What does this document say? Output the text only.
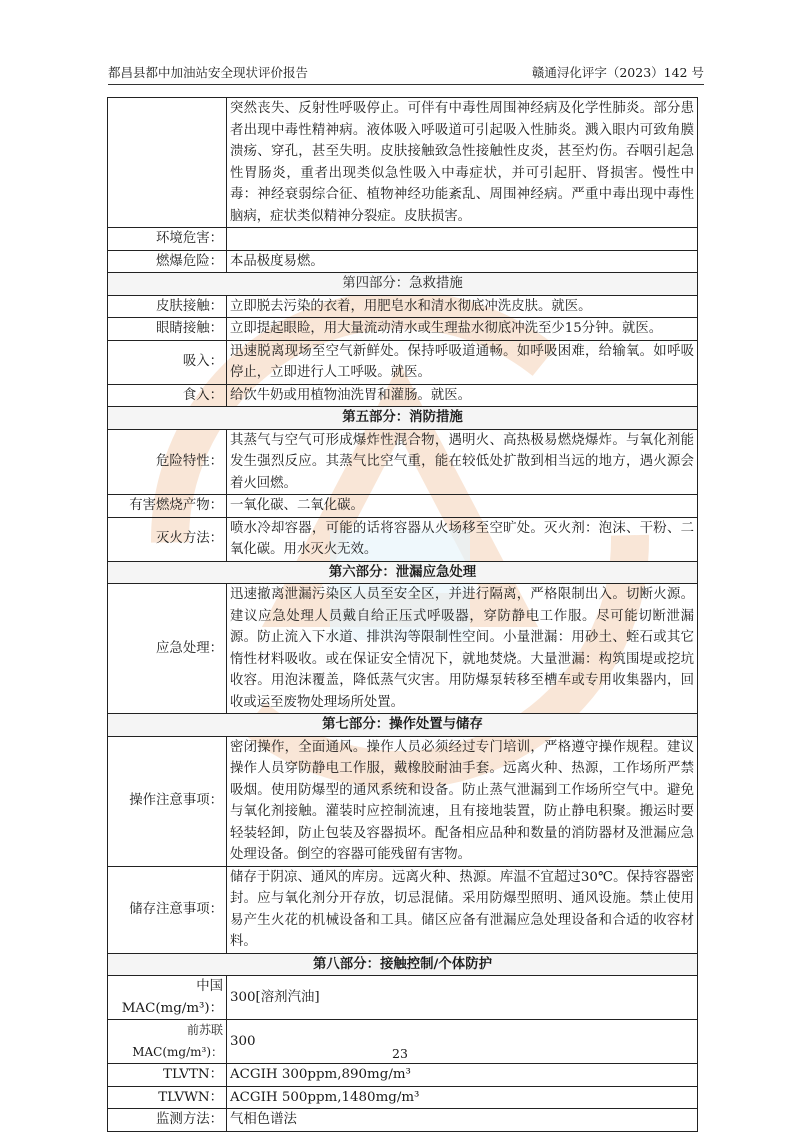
都昌县都中加油站安全现状评价报告	赣通浔化评字（2023）142 号
	突然丧失、反射性呼吸停止。可伴有中毒性周围神经病及化学性肺炎。部分患者出现中毒性精神病。液体吸入呼吸道可引起吸入性肺炎。溅入眼内可致角膜溃疡、穿孔，甚至失明。皮肤接触致急性接触性皮炎，甚至灼伤。吞咽引起急性胃肠炎，重者出现类似急性吸入中毒症状，并可引起肝、肾损害。慢性中毒：神经衰弱综合征、植物神经功能紊乱、周围神经病。严重中毒出现中毒性脑病，症状类似精神分裂症。皮肤损害。
环境危害：	
燃爆危险：	本品极度易燃。
第四部分：急救措施	
皮肤接触：	立即脱去污染的衣着，用肥皂水和清水彻底冲洗皮肤。就医。
眼睛接触：	立即提起眼睑，用大量流动清水或生理盐水彻底冲洗至少15分钟。就医。
吸入：	迅速脱离现场至空气新鲜处。保持呼吸道通畅。如呼吸困难，给输氧。如呼吸停止，立即进行人工呼吸。就医。
食入：	给饮牛奶或用植物油洗胃和灌肠。就医。
第五部分：消防措施	
危险特性：	其蒸气与空气可形成爆炸性混合物，遇明火、高热极易燃烧爆炸。与氧化剂能发生强烈反应。其蒸气比空气重，能在较低处扩散到相当远的地方，遇火源会着火回燃。
有害燃烧产物：	一氧化碳、二氧化碳。
灭火方法：	喷水冷却容器，可能的话将容器从火场移至空旷处。灭火剂：泡沫、干粉、二氧化碳。用水灭火无效。
第六部分：泄漏应急处理	
应急处理：	迅速撤离泄漏污染区人员至安全区，并进行隔离，严格限制出入。切断火源。建议应急处理人员戴自给正压式呼吸器，穿防静电工作服。尽可能切断泄漏源。防止流入下水道、排洪沟等限制性空间。小量泄漏：用砂土、蛭石或其它惰性材料吸收。或在保证安全情况下，就地焚烧。大量泄漏：构筑围堤或挖坑收容。用泡沫覆盖，降低蒸气灾害。用防爆泵转移至槽车或专用收集器内，回收或运至废物处理场所处置。
第七部分：操作处置与储存	
操作注意事项：	密闭操作，全面通风。操作人员必须经过专门培训，严格遵守操作规程。建议操作人员穿防静电工作服，戴橡胶耐油手套。远离火种、热源，工作场所严禁吸烟。使用防爆型的通风系统和设备。防止蒸气泄漏到工作场所空气中。避免与氧化剂接触。灌装时应控制流速，且有接地装置，防止静电积聚。搬运时要轻装轻卸，防止包装及容器损坏。配备相应品种和数量的消防器材及泄漏应急处理设备。倒空的容器可能残留有害物。
储存注意事项：	储存于阴凉、通风的库房。远离火种、热源。库温不宜超过30℃。保持容器密封。应与氧化剂分开存放，切忌混储。采用防爆型照明、通风设施。禁止使用易产生火花的机械设备和工具。储区应备有泄漏应急处理设备和合适的收容材料。
第八部分：接触控制/个体防护	
中国MAC(mg/m³)：	300[溶剂汽油]
前苏联MAC(mg/m³)：	300
TLVTN：	ACGIH 300ppm,890mg/m³
TLVWN：	ACGIH 500ppm,1480mg/m³
监测方法：	气相色谱法
23
